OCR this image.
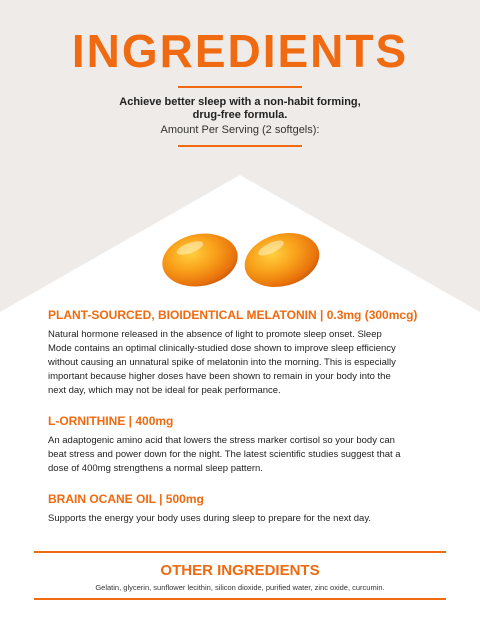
INGREDIENTS
Achieve better sleep with a non-habit forming,
drug-free formula.
Amount Per Serving (2 softgels):
PLANT-SOURCED, BIOIDENTICAL MELATONIN | 0.3mg (300mcg)

Natural hormone released in the absence of light to promote sleep onset. Sleep
Mode contains an optimal clinically-studied dose shown to improve sleep efficiency
without causing an unnatural spike of melatonin into the morning. This is especially
important because higher doses have been shown to remain in your body into the
next day, which may not be ideal for peak performance.

L-ORNITHINE | 400mg

An adaptogenic amino acid that lowers the stress marker cortisol so your body can
beat stress and power down for the night. The latest scientific studies suggest that a
dose of 400mg strengthens a normal sleep pattern.

BRAIN OCANE OIL | 500mg

Supports the energy your body uses during sleep to prepare for the next day.

OTHER INGREDIENTS
Gelatin, glycerin, sunflower lecithin, silicon dioxide, purified water, zinc oxide, curcumin.
